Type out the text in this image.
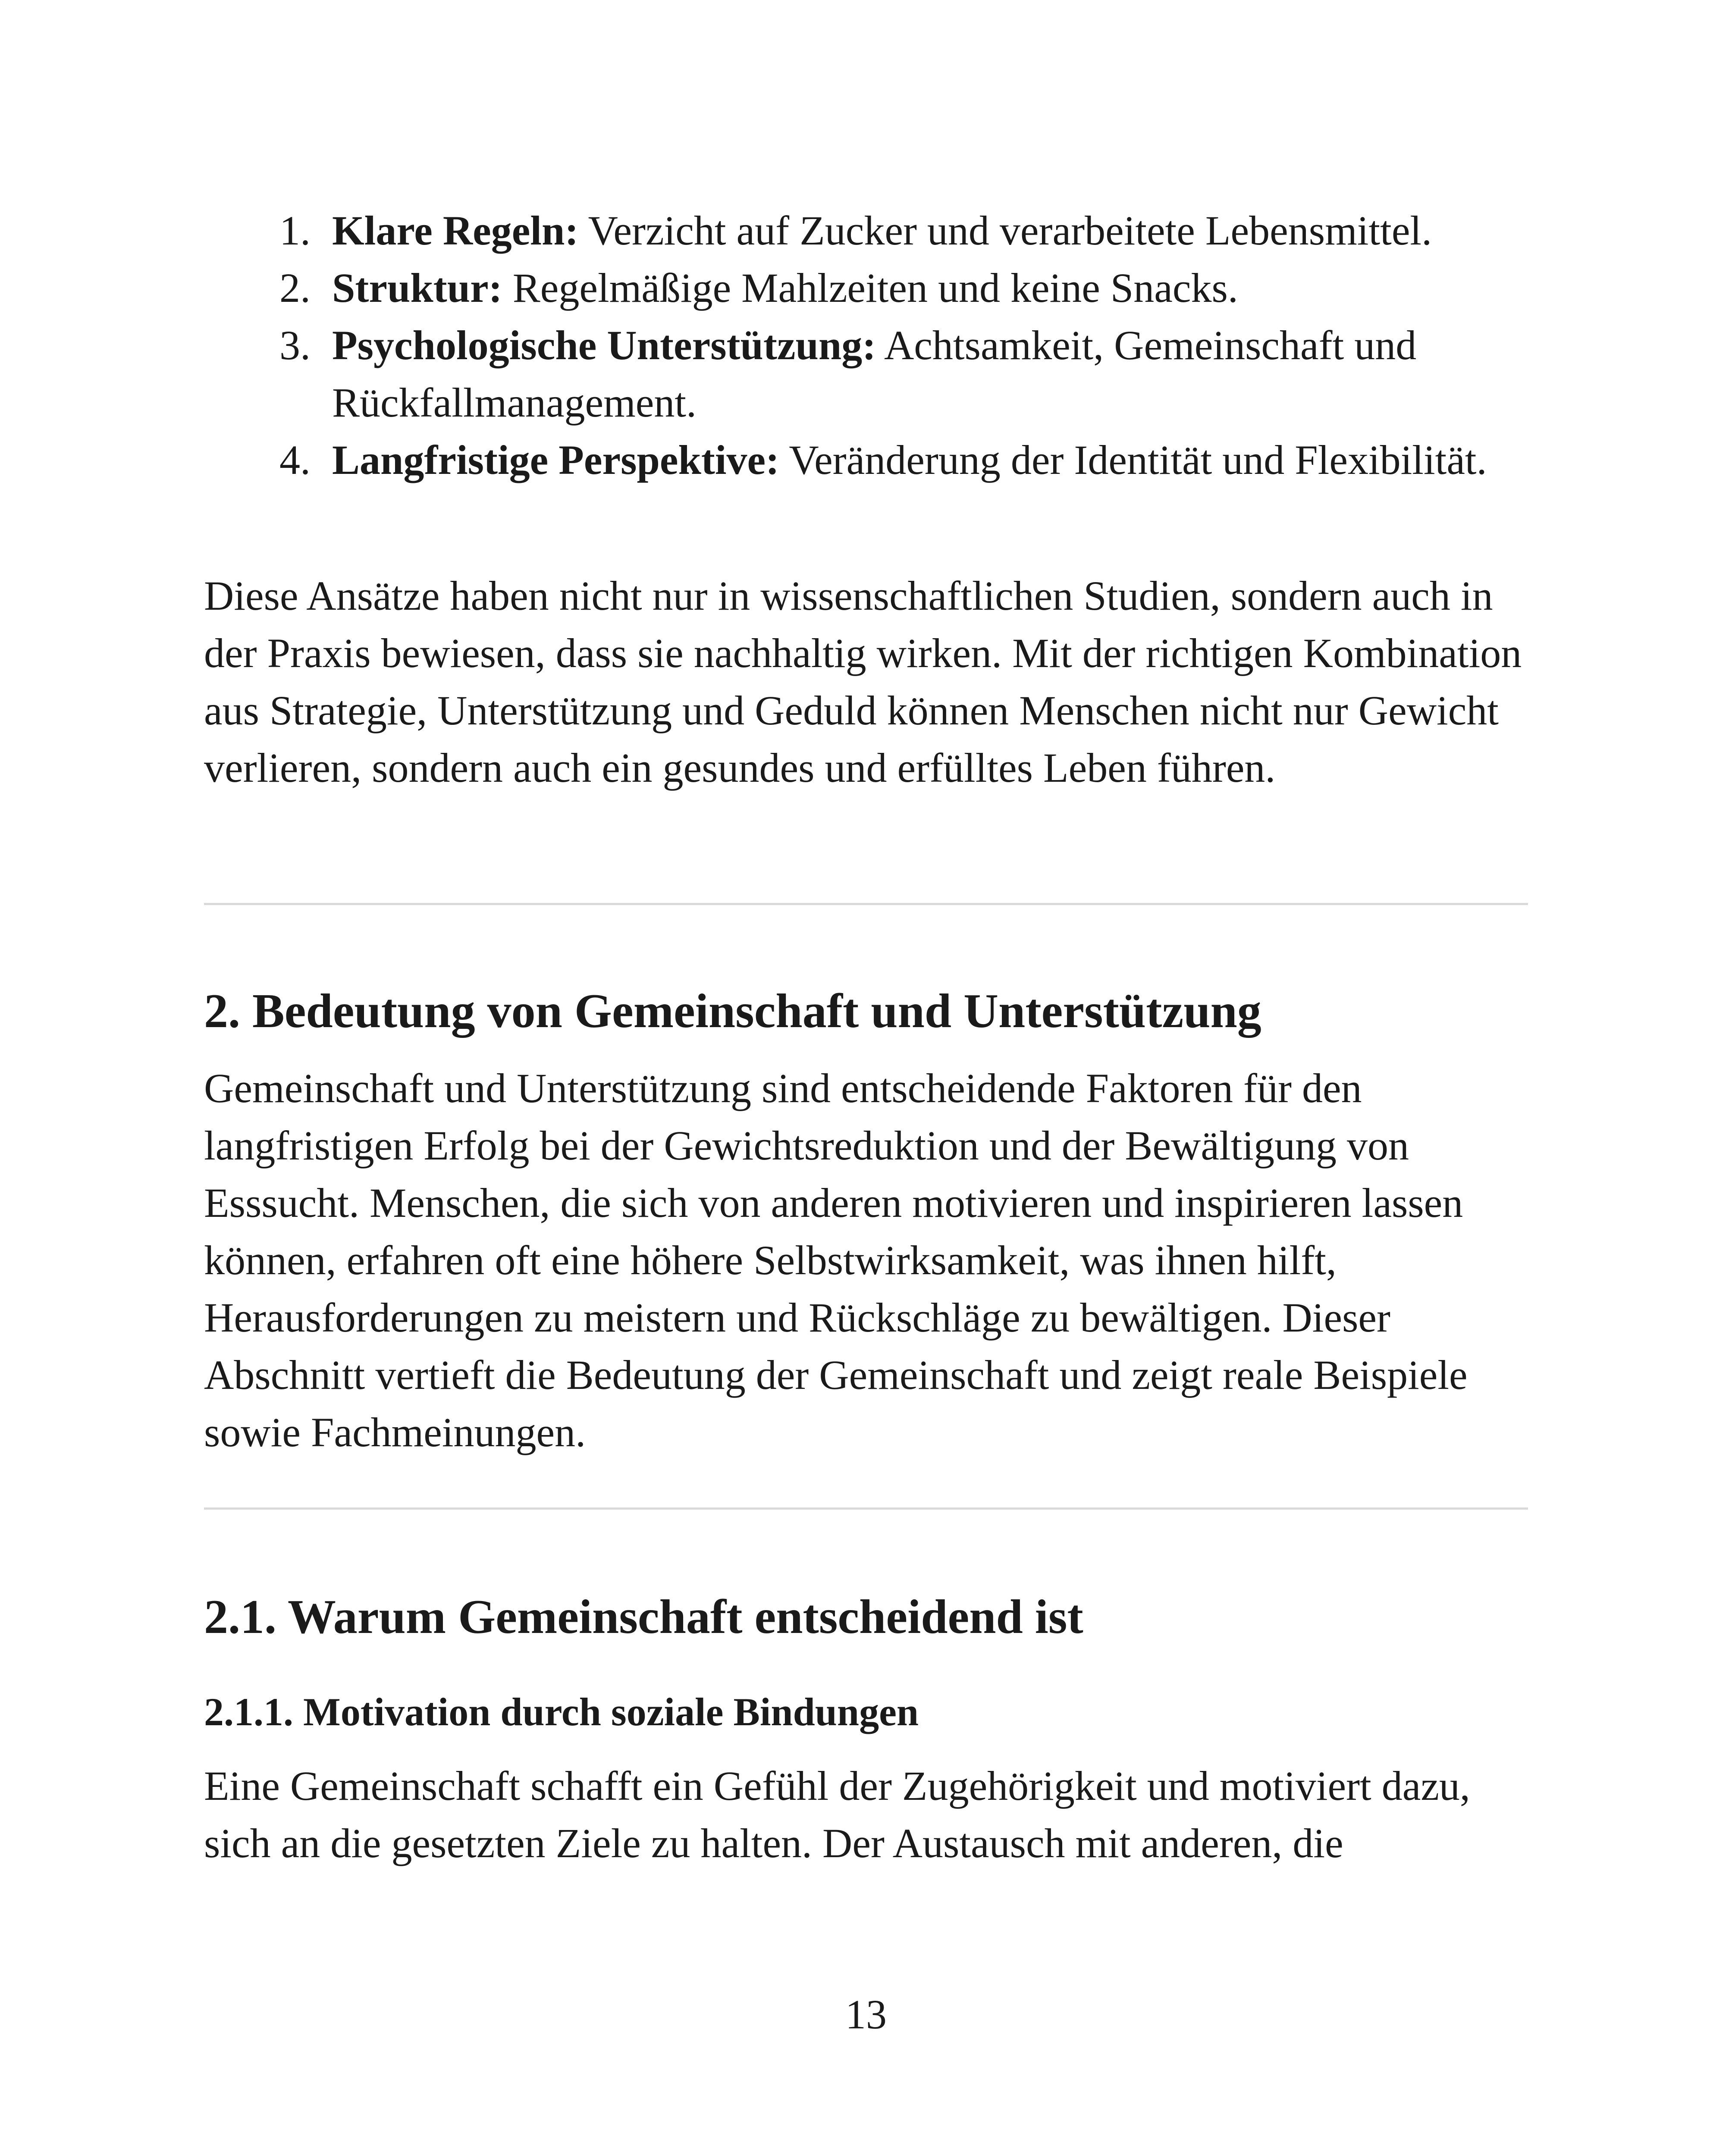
1. Klare Regeln: Verzicht auf Zucker und verarbeitete Lebensmittel.
2. Struktur: Regelmäßige Mahlzeiten und keine Snacks.
3. Psychologische Unterstützung: Achtsamkeit, Gemeinschaft und Rückfallmanagement.
4. Langfristige Perspektive: Veränderung der Identität und Flexibilität.

Diese Ansätze haben nicht nur in wissenschaftlichen Studien, sondern auch in der Praxis bewiesen, dass sie nachhaltig wirken. Mit der richtigen Kombination aus Strategie, Unterstützung und Geduld können Menschen nicht nur Gewicht verlieren, sondern auch ein gesundes und erfülltes Leben führen.

2. Bedeutung von Gemeinschaft und Unterstützung

Gemeinschaft und Unterstützung sind entscheidende Faktoren für den langfristigen Erfolg bei der Gewichtsreduktion und der Bewältigung von Esssucht. Menschen, die sich von anderen motivieren und inspirieren lassen können, erfahren oft eine höhere Selbstwirksamkeit, was ihnen hilft, Herausforderungen zu meistern und Rückschläge zu bewältigen. Dieser Abschnitt vertieft die Bedeutung der Gemeinschaft und zeigt reale Beispiele sowie Fachmeinungen.

2.1. Warum Gemeinschaft entscheidend ist
2.1.1. Motivation durch soziale Bindungen

Eine Gemeinschaft schafft ein Gefühl der Zugehörigkeit und motiviert dazu, sich an die gesetzten Ziele zu halten. Der Austausch mit anderen, die

13
